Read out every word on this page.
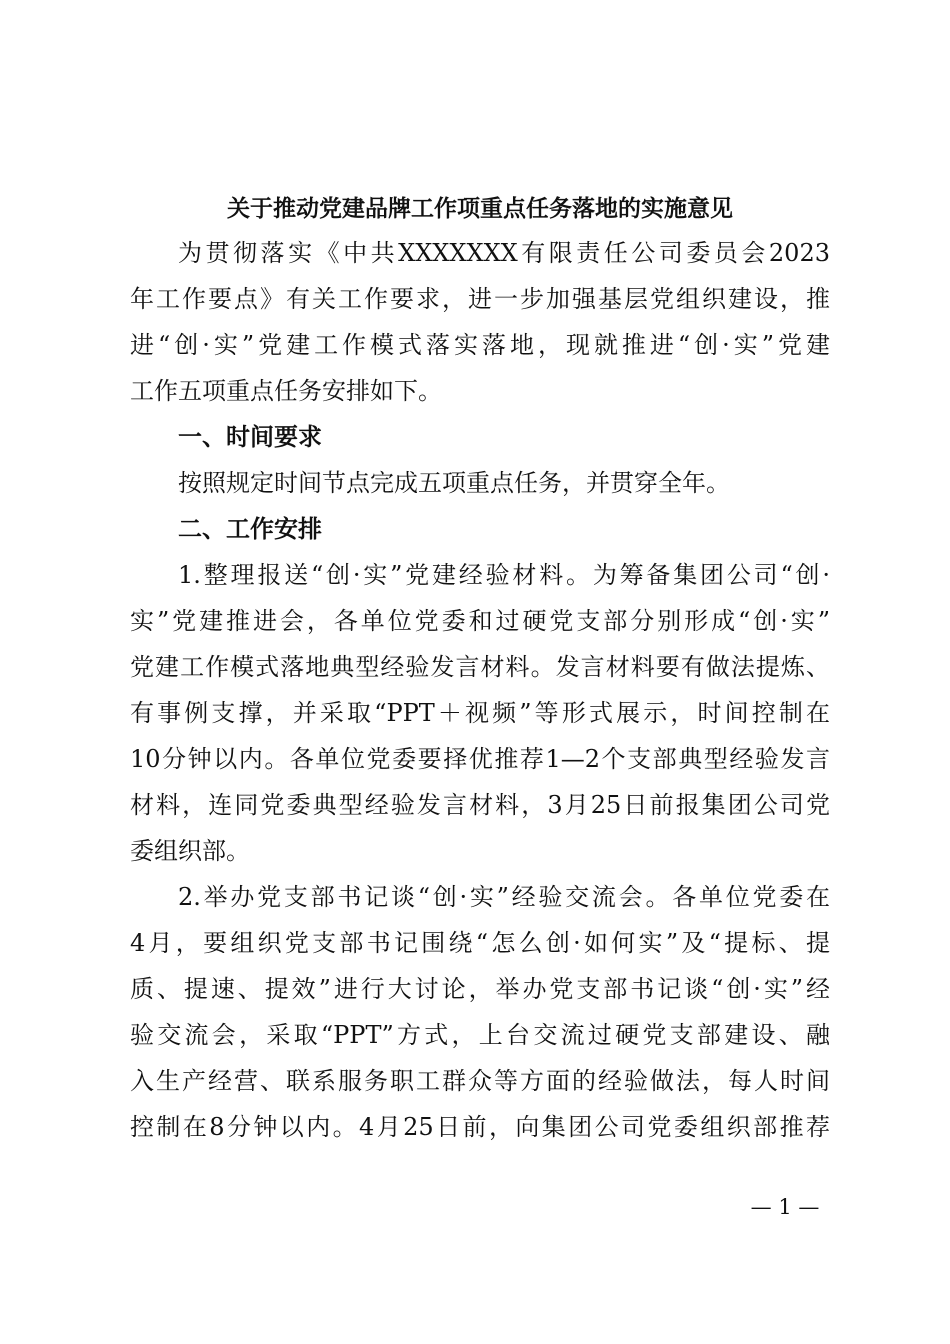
关于推动党建品牌工作项重点任务落地的实施意见
为贯彻落实《中共XXXXXXX有限责任公司委员会2023
年工作要点》有关工作要求，进一步加强基层党组织建设，推
进“创·实”党建工作模式落实落地，现就推进“创·实”党建
工作五项重点任务安排如下。
一、时间要求
按照规定时间节点完成五项重点任务，并贯穿全年。
二、工作安排
1.整理报送“创·实”党建经验材料。为筹备集团公司“创·
实”党建推进会，各单位党委和过硬党支部分别形成“创·实”
党建工作模式落地典型经验发言材料。发言材料要有做法提炼、
有事例支撑，并采取“PPT＋视频”等形式展示，时间控制在
10分钟以内。各单位党委要择优推荐1—2个支部典型经验发言
材料，连同党委典型经验发言材料，3月25日前报集团公司党
委组织部。
2.举办党支部书记谈“创·实”经验交流会。各单位党委在
4月，要组织党支部书记围绕“怎么创·如何实”及“提标、提
质、提速、提效”进行大讨论，举办党支部书记谈“创·实”经
验交流会，采取“PPT”方式，上台交流过硬党支部建设、融
入生产经营、联系服务职工群众等方面的经验做法，每人时间
控制在8分钟以内。4月25日前，向集团公司党委组织部推荐
— 1 —
